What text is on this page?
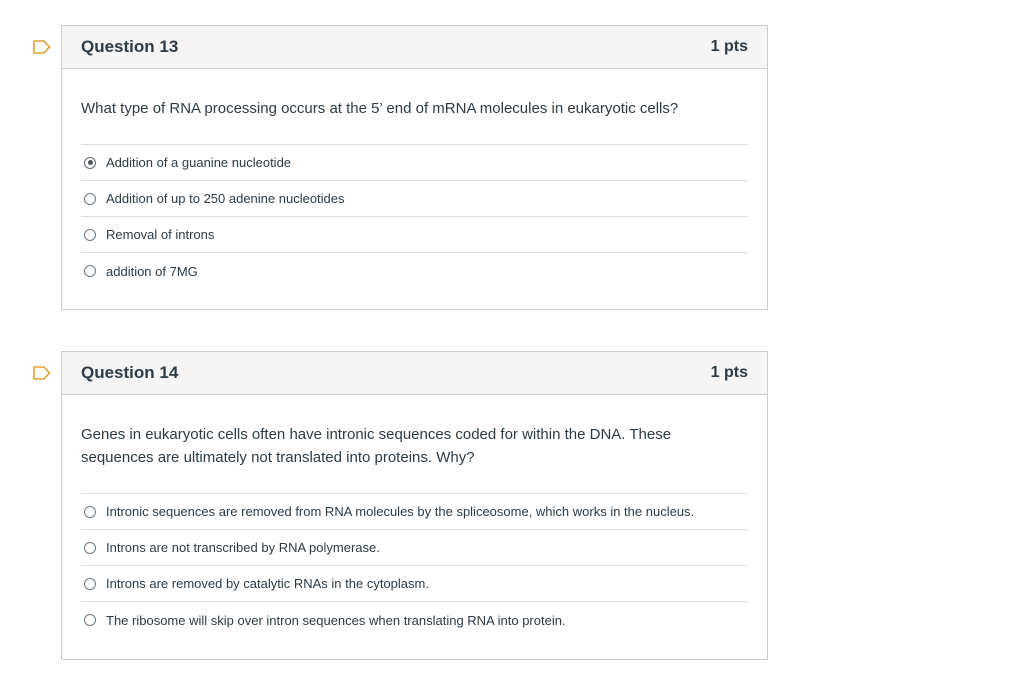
Question 13	1 pts
What type of RNA processing occurs at the 5’ end of mRNA molecules in eukaryotic cells?
Addition of a guanine nucleotide
Addition of up to 250 adenine nucleotides
Removal of introns
addition of 7MG
Question 14	1 pts
Genes in eukaryotic cells often have intronic sequences coded for within the DNA. These sequences are ultimately not translated into proteins. Why?
Intronic sequences are removed from RNA molecules by the spliceosome, which works in the nucleus.
Introns are not transcribed by RNA polymerase.
Introns are removed by catalytic RNAs in the cytoplasm.
The ribosome will skip over intron sequences when translating RNA into protein.
